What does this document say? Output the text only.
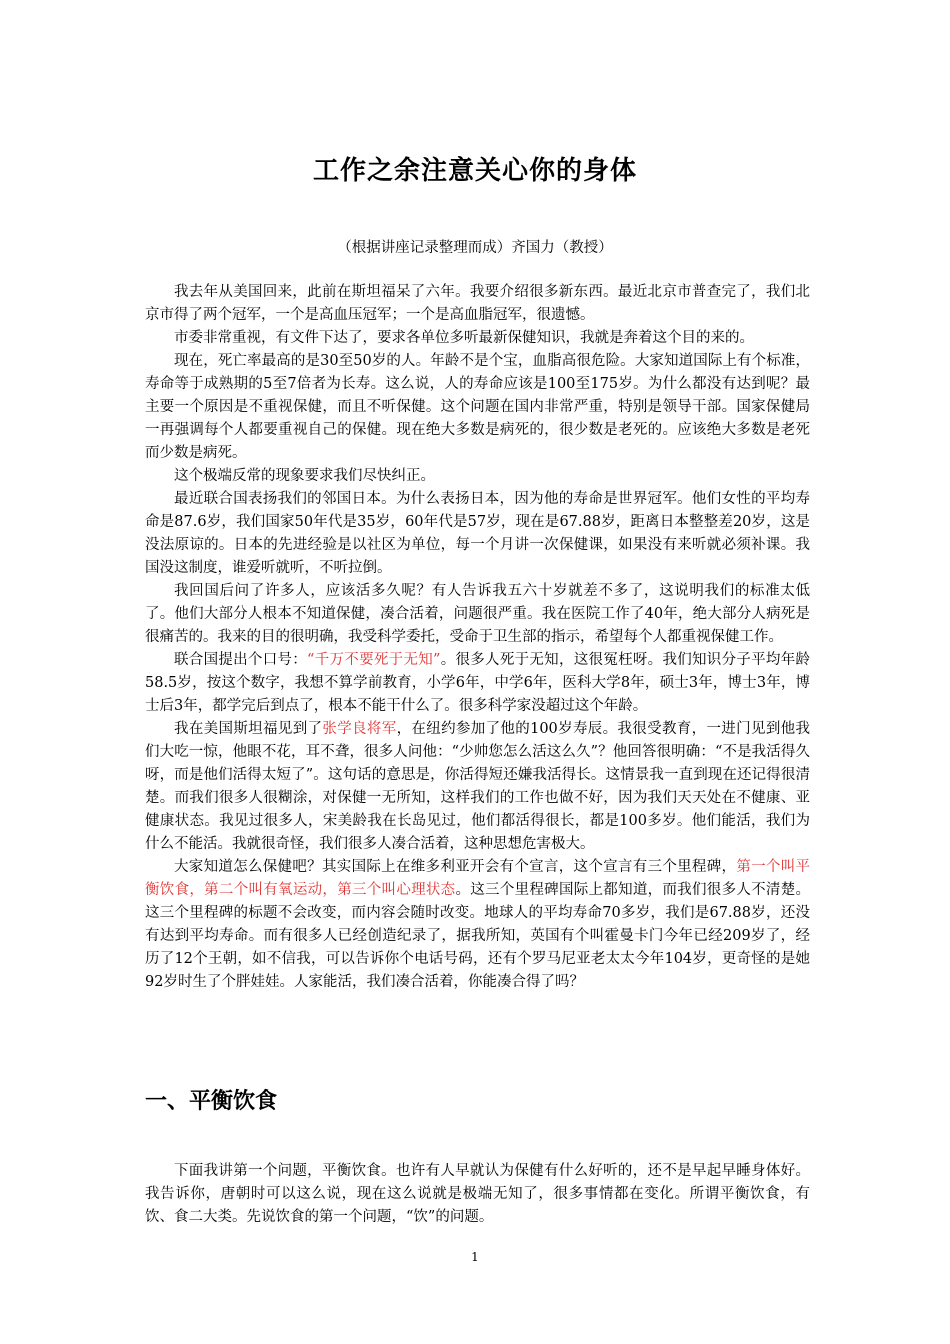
工作之余注意关心你的身体
（根据讲座记录整理而成）齐国力（教授）

我去年从美国回来，此前在斯坦福呆了六年。我要介绍很多新东西。最近北京市普查完了，我们北京市得了两个冠军，一个是高血压冠军；一个是高血脂冠军，很遗憾。

市委非常重视，有文件下达了，要求各单位多听最新保健知识，我就是奔着这个目的来的。

现在，死亡率最高的是30至50岁的人。年龄不是个宝，血脂高很危险。大家知道国际上有个标准，寿命等于成熟期的5至7倍者为长寿。这么说，人的寿命应该是100至175岁。为什么都没有达到呢？最主要一个原因是不重视保健，而且不听保健。这个问题在国内非常严重，特别是领导干部。国家保健局一再强调每个人都要重视自己的保健。现在绝大多数是病死的，很少数是老死的。应该绝大多数是老死而少数是病死。

这个极端反常的现象要求我们尽快纠正。

最近联合国表扬我们的邻国日本。为什么表扬日本，因为他的寿命是世界冠军。他们女性的平均寿命是87.6岁，我们国家50年代是35岁，60年代是57岁，现在是67.88岁，距离日本整整差20岁，这是没法原谅的。日本的先进经验是以社区为单位，每一个月讲一次保健课，如果没有来听就必须补课。我国没这制度，谁爱听就听，不听拉倒。

我回国后问了许多人，应该活多久呢？有人告诉我五六十岁就差不多了，这说明我们的标准太低了。他们大部分人根本不知道保健，凑合活着，问题很严重。我在医院工作了40年，绝大部分人病死是很痛苦的。我来的目的很明确，我受科学委托，受命于卫生部的指示，希望每个人都重视保健工作。

联合国提出个口号：“千万不要死于无知”。很多人死于无知，这很冤枉呀。我们知识分子平均年龄58.5岁，按这个数字，我想不算学前教育，小学6年，中学6年，医科大学8年，硕士3年，博士3年，博士后3年，都学完后到点了，根本不能干什么了。很多科学家没超过这个年龄。

我在美国斯坦福见到了张学良将军，在纽约参加了他的100岁寿辰。我很受教育，一进门见到他我们大吃一惊，他眼不花，耳不聋，很多人问他：“少帅您怎么活这么久”？他回答很明确：“不是我活得久呀，而是他们活得太短了”。这句话的意思是，你活得短还嫌我活得长。这情景我一直到现在还记得很清楚。而我们很多人很糊涂，对保健一无所知，这样我们的工作也做不好，因为我们天天处在不健康、亚健康状态。我见过很多人，宋美龄我在长岛见过，他们都活得很长，都是100多岁。他们能活，我们为什么不能活。我就很奇怪，我们很多人凑合活着，这种思想危害极大。

大家知道怎么保健吧？其实国际上在维多利亚开会有个宣言，这个宣言有三个里程碑，第一个叫平衡饮食，第二个叫有氧运动，第三个叫心理状态。这三个里程碑国际上都知道，而我们很多人不清楚。这三个里程碑的标题不会改变，而内容会随时改变。地球人的平均寿命70多岁，我们是67.88岁，还没有达到平均寿命。而有很多人已经创造纪录了，据我所知，英国有个叫霍曼卡门今年已经209岁了，经历了12个王朝，如不信我，可以告诉你个电话号码，还有个罗马尼亚老太太今年104岁，更奇怪的是她92岁时生了个胖娃娃。人家能活，我们凑合活着，你能凑合得了吗？

一、平衡饮食

下面我讲第一个问题，平衡饮食。也许有人早就认为保健有什么好听的，还不是早起早睡身体好。我告诉你，唐朝时可以这么说，现在这么说就是极端无知了，很多事情都在变化。所谓平衡饮食，有饮、食二大类。先说饮食的第一个问题，“饮”的问题。

1
